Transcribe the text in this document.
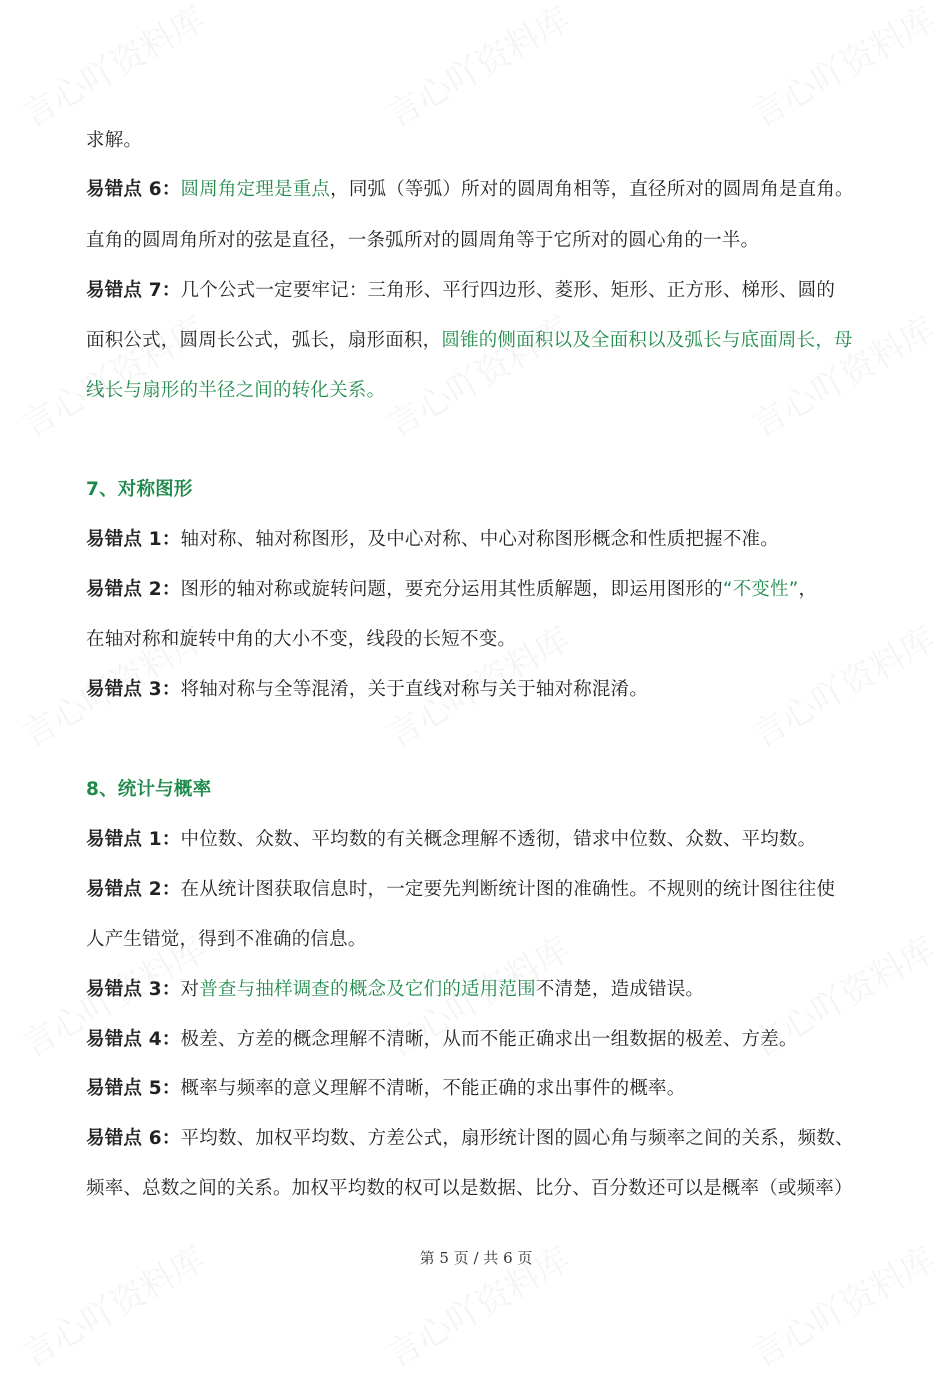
求解。
易错点 6：圆周角定理是重点，同弧（等弧）所对的圆周角相等，直径所对的圆周角是直角。
直角的圆周角所对的弦是直径，一条弧所对的圆周角等于它所对的圆心角的一半。
易错点 7：几个公式一定要牢记：三角形、平行四边形、菱形、矩形、正方形、梯形、圆的
面积公式，圆周长公式，弧长，扇形面积，圆锥的侧面积以及全面积以及弧长与底面周长，母
线长与扇形的半径之间的转化关系。
7、对称图形
易错点 1：轴对称、轴对称图形，及中心对称、中心对称图形概念和性质把握不准。
易错点 2：图形的轴对称或旋转问题，要充分运用其性质解题，即运用图形的“不变性”，
在轴对称和旋转中角的大小不变，线段的长短不变。
易错点 3：将轴对称与全等混淆，关于直线对称与关于轴对称混淆。
8、统计与概率
易错点 1：中位数、众数、平均数的有关概念理解不透彻，错求中位数、众数、平均数。
易错点 2：在从统计图获取信息时，一定要先判断统计图的准确性。不规则的统计图往往使
人产生错觉，得到不准确的信息。
易错点 3：对普查与抽样调查的概念及它们的适用范围不清楚，造成错误。
易错点 4：极差、方差的概念理解不清晰，从而不能正确求出一组数据的极差、方差。
易错点 5：概率与频率的意义理解不清晰，不能正确的求出事件的概率。
易错点 6：平均数、加权平均数、方差公式，扇形统计图的圆心角与频率之间的关系，频数、
频率、总数之间的关系。加权平均数的权可以是数据、比分、百分数还可以是概率（或频率）
第 5 页 / 共 6 页
